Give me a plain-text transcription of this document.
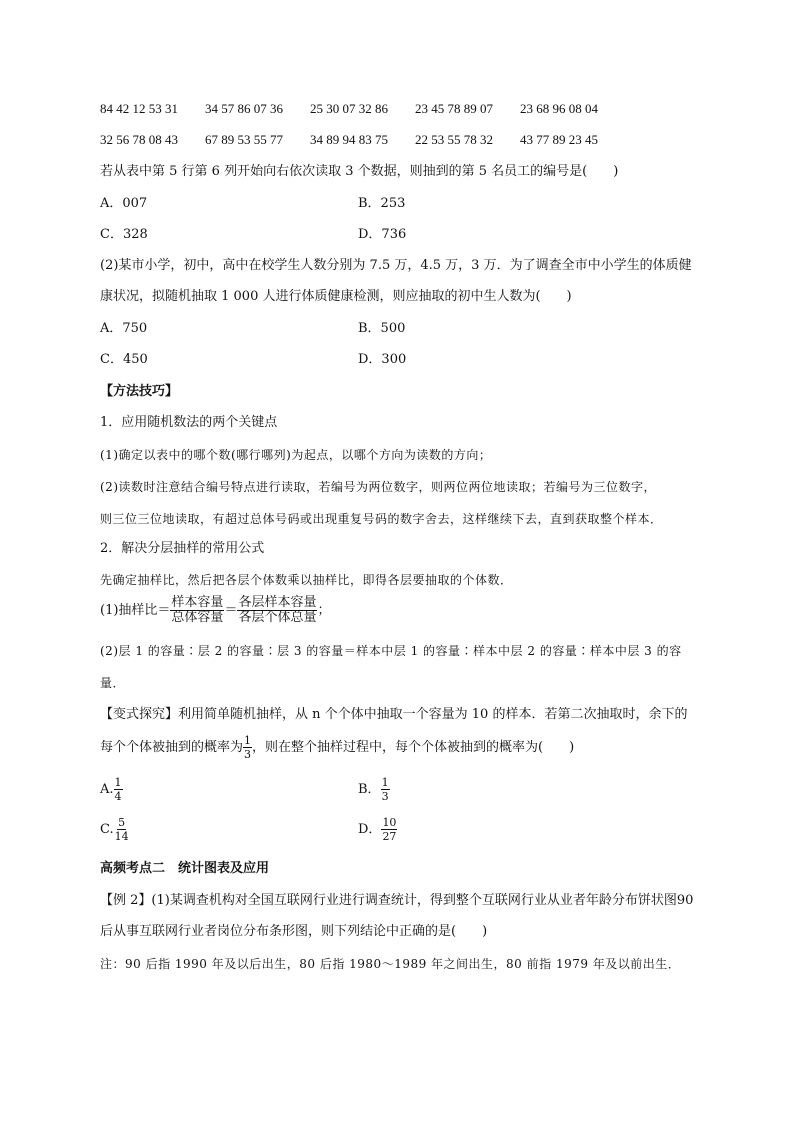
84 42 12 53 31	34 57 86 07 36	25 30 07 32 86	23 45 78 89 07	23 68 96 08 04
32 56 78 08 43	67 89 53 55 77	34 89 94 83 75	22 53 55 78 32	43 77 89 23 45
若从表中第 5 行第 6 列开始向右依次读取 3 个数据，则抽到的第 5 名员工的编号是(　　)
A．007	B．253
C．328	D．736
(2)某市小学，初中，高中在校学生人数分别为 7.5 万，4.5 万，3 万．为了调查全市中小学生的体质健
康状况，拟随机抽取 1 000 人进行体质健康检测，则应抽取的初中生人数为(　　)
A．750	B．500
C．450	D．300
【方法技巧】
1．应用随机数法的两个关键点
(1)确定以表中的哪个数(哪行哪列)为起点，以哪个方向为读数的方向；
(2)读数时注意结合编号特点进行读取，若编号为两位数字，则两位两位地读取；若编号为三位数字，
则三位三位地读取，有超过总体号码或出现重复号码的数字舍去，这样继续下去，直到获取整个样本．
2．解决分层抽样的常用公式
先确定抽样比，然后把各层个体数乘以抽样比，即得各层要抽取的个体数．
(1)抽样比＝ $\frac{\text{样本容量}}{\text{总体容量}} = \frac{\text{各层样本容量}}{\text{各层个体总量}}$ ；
(2)层 1 的容量∶层 2 的容量∶层 3 的容量＝样本中层 1 的容量∶样本中层 2 的容量∶样本中层 3 的容
量．
【变式探究】利用简单随机抽样，从 n 个个体中抽取一个容量为 10 的样本．若第二次抽取时，余下的
每个个体被抽到的概率为 $\frac{1}{3}$ ，则在整个抽样过程中，每个个体被抽到的概率为(　　)
A. $\frac{1}{4}$	B． $\frac{1}{3}$
C. $\frac{5}{14}$	D． $\frac{10}{27}$
高频考点二　统计图表及应用
【例 2】(1)某调查机构对全国互联网行业进行调查统计，得到整个互联网行业从业者年龄分布饼状图90
后从事互联网行业者岗位分布条形图，则下列结论中正确的是(　　)
注：90 后指 1990 年及以后出生，80 后指 1980～1989 年之间出生，80 前指 1979 年及以前出生．
